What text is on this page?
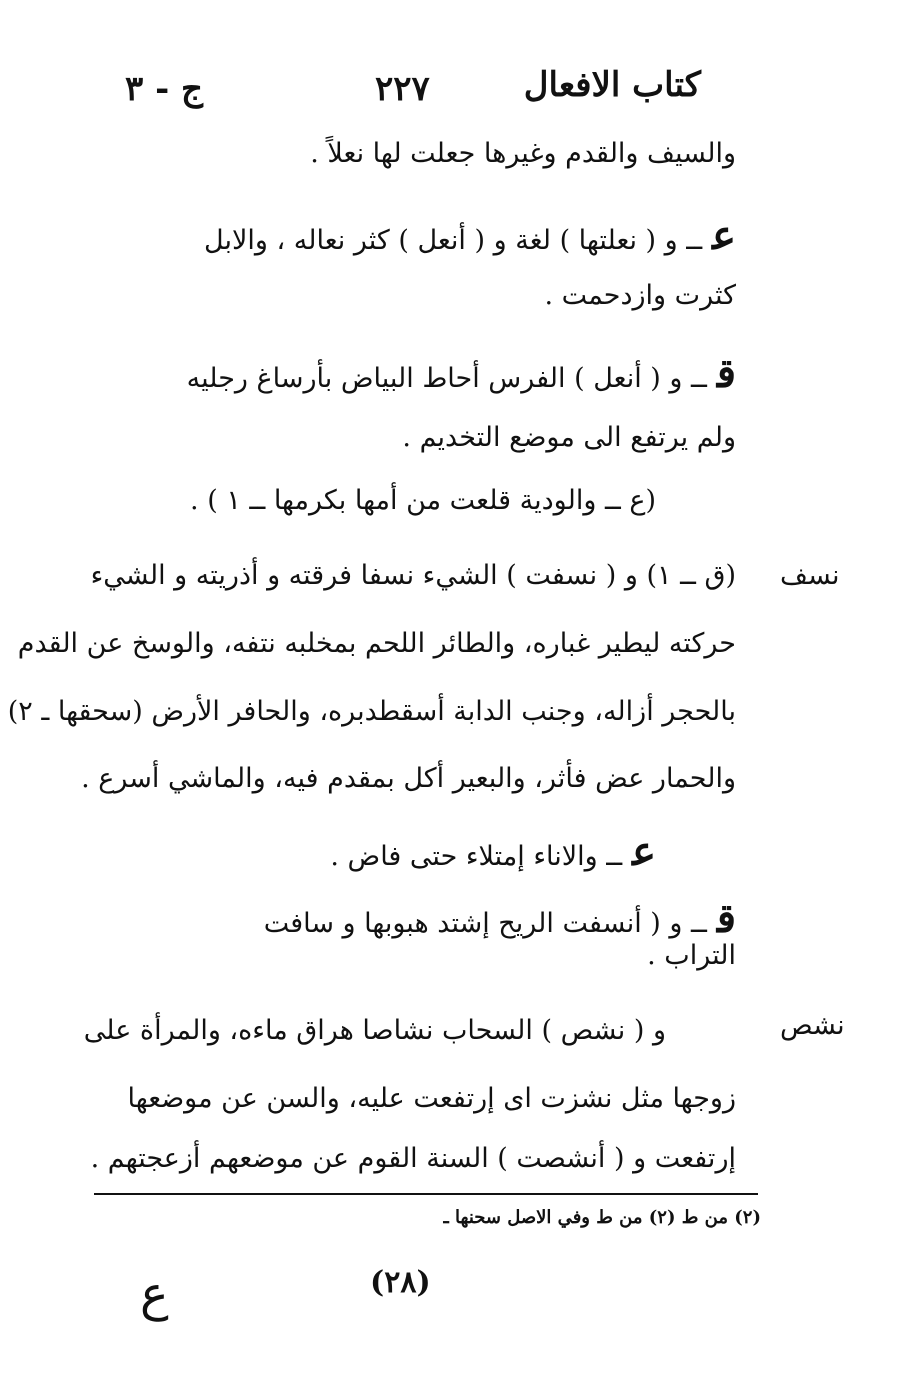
كتاب الافعال
٢٢٧
ج - ٣
والسيف والقدم وغيرها جعلت لها نعلاً .
عــ و ( نعلتها ) لغة و ( أنعل ) كثر نعاله ، والابل
كثرت وازدحمت .
قــ و ( أنعل ) الفرس أحاط البياض بأرساغ رجليه
ولم يرتفع الى موضع التخديم .
(ع ــ والودية قلعت من أمها بكرمها ــ ١ ) .
(ق ــ ١) و ( نسفت ) الشيء نسفا فرقته و أذريته و الشيء
حركته ليطير غباره، والطائر اللحم بمخلبه نتفه، والوسخ عن القدم
بالحجر أزاله، وجنب الدابة أسقطدبره، والحافر الأرض (سحقها ـ ٢)
والحمار عض فأثر، والبعير أكل بمقدم فيه، والماشي أسرع .
عــ والاناء إمتلاء حتى فاض .
قــ و ( أنسفت الريح إشتد هبوبها و سافت
التراب .
و ( نشص ) السحاب نشاصا هراق ماءه، والمرأة على
زوجها مثل نشزت اى إرتفعت عليه، والسن عن موضعها
إرتفعت و ( أنشصت ) السنة القوم عن موضعهم أزعجتهم .
نسف
نشص
(٢) من ط (٢) من ط وفي الاصل سحنها ـ
(٢٨)
ع
